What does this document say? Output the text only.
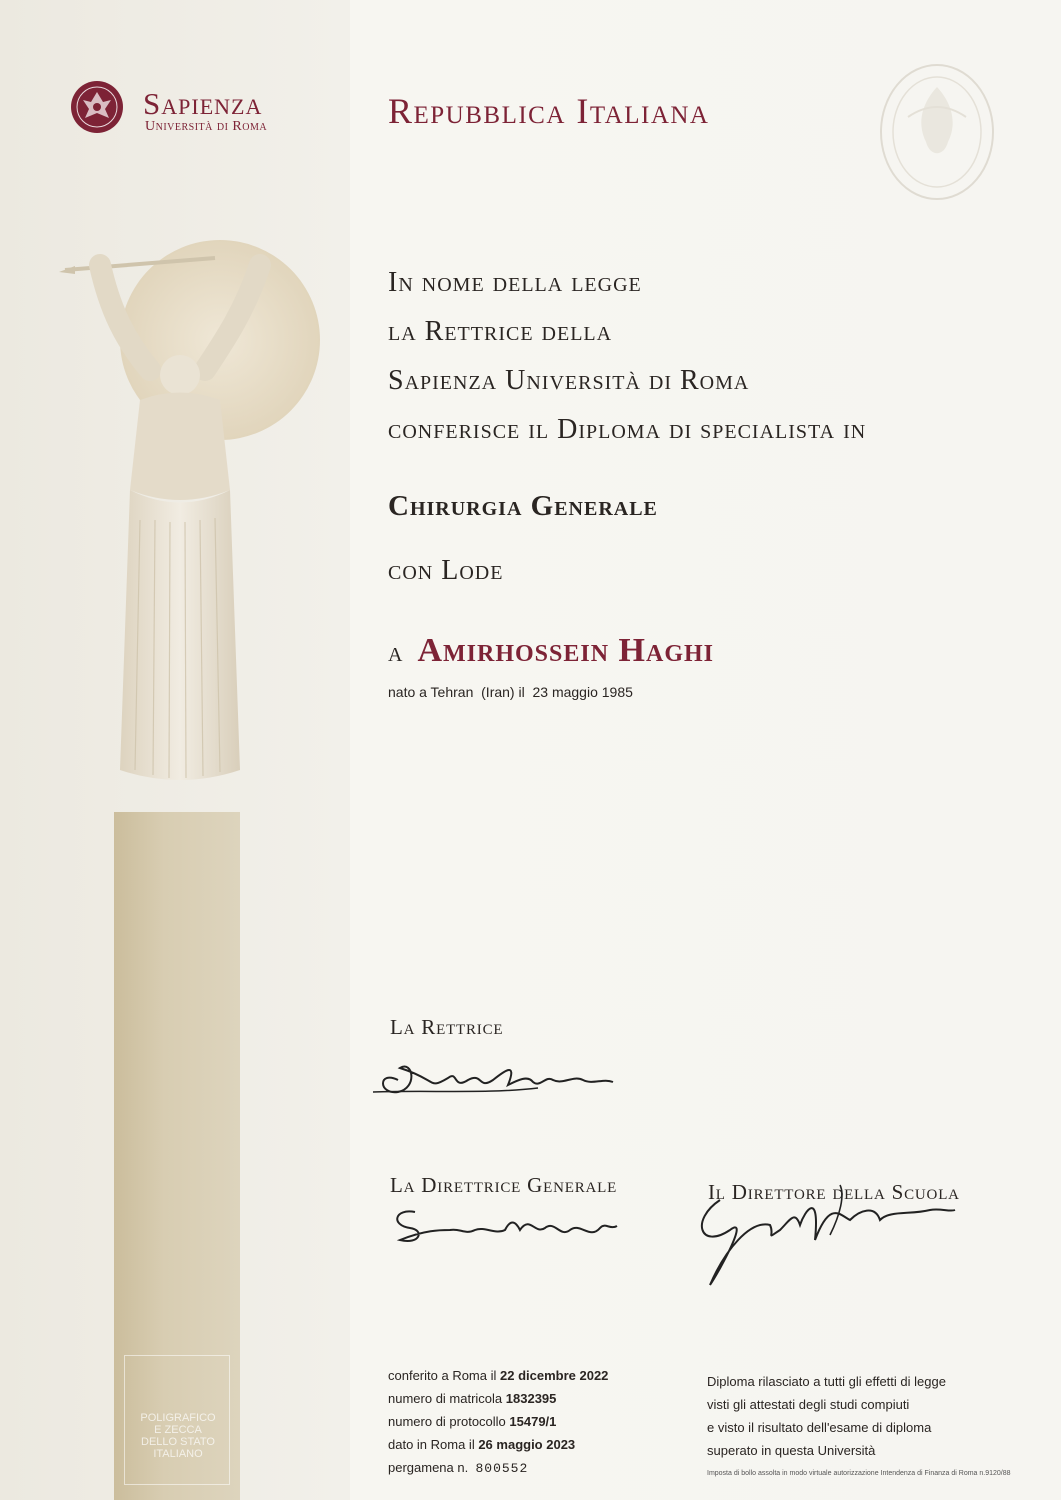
Sapienza
Università di Roma	Repubblica Italiana
POLIGRAFICO
E ZECCA
DELLO STATO
ITALIANO
In nome della legge
la Rettrice della
Sapienza Università di Roma
conferisce il Diploma di specialista in
Chirurgia Generale
con Lode
a Amirhossein Haghi
nato a Tehran  (Iran) il  23 maggio 1985
La Rettrice
La Direttrice Generale	Il Direttore della Scuola
conferito a Roma il 22 dicembre 2022
numero di matricola 1832395
numero di protocollo 15479/1
dato in Roma il 26 maggio 2023
pergamena n. 800552
Diploma rilasciato a tutti gli effetti di legge
visti gli attestati degli studi compiuti
e visto il risultato dell'esame di diploma
superato in questa Università
Imposta di bollo assolta in modo virtuale autorizzazione Intendenza di Finanza di Roma n.9120/88
